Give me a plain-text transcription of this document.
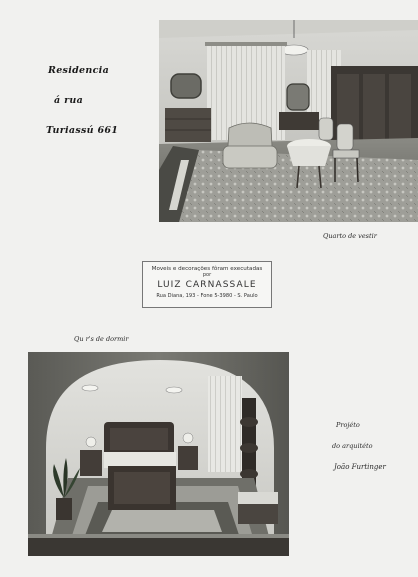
Residencia
á rua
Turiassú 661
Quarto de vestir
Moveis e decorações fôram executadas
por
LUIZ CARNASSALE
Rua Diana, 193 - Fone 5-3980 - S. Paulo
Qu r's de dormir
Projéto
do arquitéto
João Furtinger
